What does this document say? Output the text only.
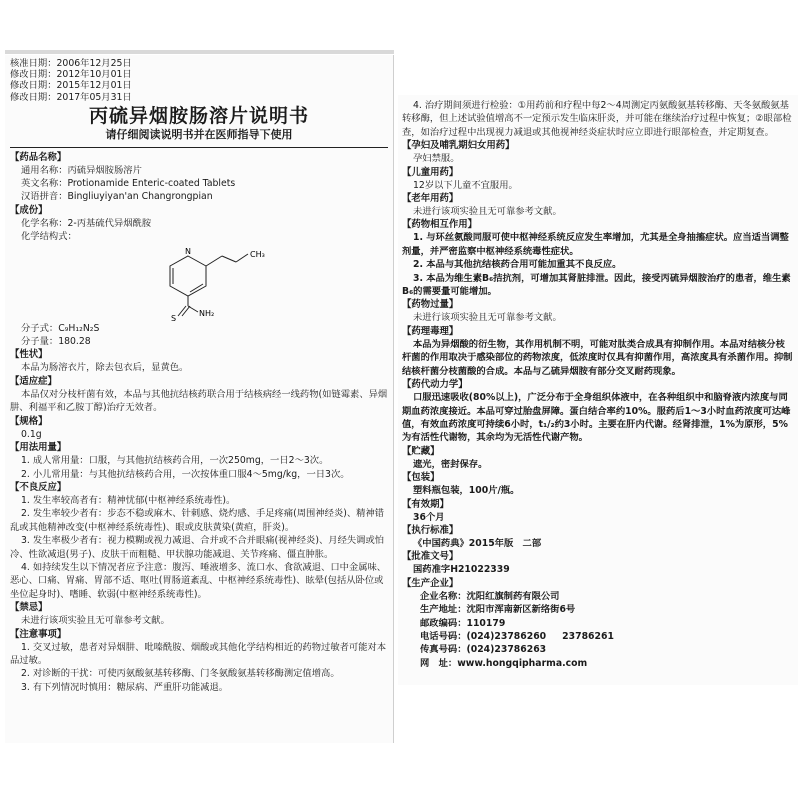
核准日期：2006年12月25日
修改日期：2012年10月01日
修改日期：2015年12月01日
修改日期：2017年05月31日
丙硫异烟胺肠溶片说明书
请仔细阅读说明书并在医师指导下使用
【药品名称】
通用名称：丙硫异烟胺肠溶片
英文名称：Protionamide Enteric-coated Tablets
汉语拼音：Bingliuyiyan'an Changrongpian
【成份】
化学名称：2-丙基硫代异烟酰胺
化学结构式：
CH₃
N
S
NH₂
分子式：C₉H₁₂N₂S
分子量：180.28
【性状】
本品为肠溶衣片，除去包衣后，显黄色。
【适应症】
本品仅对分枝杆菌有效，本品与其他抗结核药联合用于结核病经一线药物(如链霉素、异烟肼、利福平和乙胺丁醇)治疗无效者。
【规格】
0.1g
【用法用量】
1. 成人常用量：口服，与其他抗结核药合用，一次250mg，一日2～3次。
2. 小儿常用量：与其他抗结核药合用，一次按体重口服4～5mg/kg，一日3次。
【不良反应】
1. 发生率较高者有：精神忧郁(中枢神经系统毒性)。
2. 发生率较少者有：步态不稳或麻木、针刺感、烧灼感、手足疼痛(周围神经炎)、精神错乱或其他精神改变(中枢神经系统毒性)、眼或皮肤黄染(黄疸，肝炎)。
3. 发生率极少者有：视力模糊或视力减退、合并或不合并眼痛(视神经炎)、月经失调或怕冷、性欲减退(男子)、皮肤干而粗糙、甲状腺功能减退、关节疼痛、僵直肿胀。
4. 如持续发生以下情况者应予注意：腹泻、唾液增多、流口水、食欲减退、口中金属味、恶心、口痛、胃痛、胃部不适、呕吐(胃肠道紊乱、中枢神经系统毒性)、眩晕(包括从卧位或坐位起身时)、嗜睡、软弱(中枢神经系统毒性)。
【禁忌】
未进行该项实验且无可靠参考文献。
【注意事项】
1. 交叉过敏，患者对异烟肼、吡嗪酰胺、烟酸或其他化学结构相近的药物过敏者可能对本品过敏。
2. 对诊断的干扰：可使丙氨酸氨基转移酶、门冬氨酸氨基转移酶测定值增高。
3. 有下列情况时慎用：糖尿病、严重肝功能减退。
4. 治疗期间须进行检验：①用药前和疗程中每2～4周测定丙氨酸氨基转移酶、天冬氨酸氨基转移酶，但上述试验值增高不一定预示发生临床肝炎，并可能在继续治疗过程中恢复；②眼部检查，如治疗过程中出现视力减退或其他视神经炎症状时应立即进行眼部检查，并定期复查。
【孕妇及哺乳期妇女用药】
孕妇禁服。
【儿童用药】
12岁以下儿童不宜服用。
【老年用药】
未进行该项实验且无可靠参考文献。
【药物相互作用】
1. 与环丝氨酸同服可使中枢神经系统反应发生率增加，尤其是全身抽搐症状。应当适当调整剂量，并严密监察中枢神经系统毒性症状。
2. 本品与其他抗结核药合用可能加重其不良反应。
3. 本品为维生素B₆拮抗剂，可增加其肾脏排泄。因此，接受丙硫异烟胺治疗的患者，维生素B₆的需要量可能增加。
【药物过量】
未进行该项实验且无可靠参考文献。
【药理毒理】
本品为异烟酸的衍生物，其作用机制不明，可能对肽类合成具有抑制作用。本品对结核分枝杆菌的作用取决于感染部位的药物浓度，低浓度时仅具有抑菌作用，高浓度具有杀菌作用。抑制结核杆菌分枝菌酸的合成。本品与乙硫异烟胺有部分交叉耐药现象。
【药代动力学】
口服迅速吸收(80%以上)，广泛分布于全身组织体液中，在各种组织中和脑脊液内浓度与同期血药浓度接近。本品可穿过胎盘屏障。蛋白结合率约10%。服药后1～3小时血药浓度可达峰值，有效血药浓度可持续6小时，t₁/₂约3小时。主要在肝内代谢。经肾排泄，1%为原形，5%为有活性代谢物，其余均为无活性代谢产物。
【贮藏】
遮光，密封保存。
【包装】
塑料瓶包装，100片/瓶。
【有效期】
36个月
【执行标准】
《中国药典》2015年版　二部
【批准文号】
国药准字H21022339
【生产企业】
企业名称：沈阳红旗制药有限公司
生产地址：沈阳市浑南新区新络街6号
邮政编码：110179
电话号码：(024)23786260 23786261
传真号码：(024)23786263
网　址：www.hongqipharma.com
